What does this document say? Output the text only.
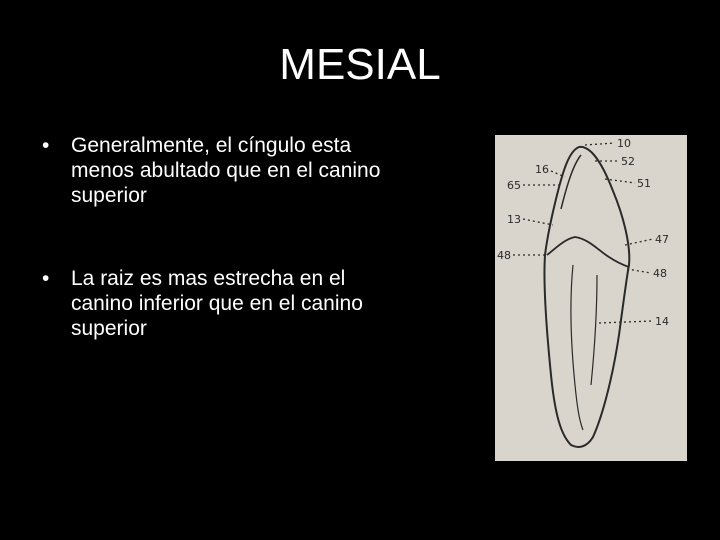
MESIAL
• Generalmente, el cíngulo esta
menos abultado que en el canino
superior
• La raiz es mas estrecha en el
canino inferior que en el canino
superior
10
52
16
51
65
13
47
48
48
14
